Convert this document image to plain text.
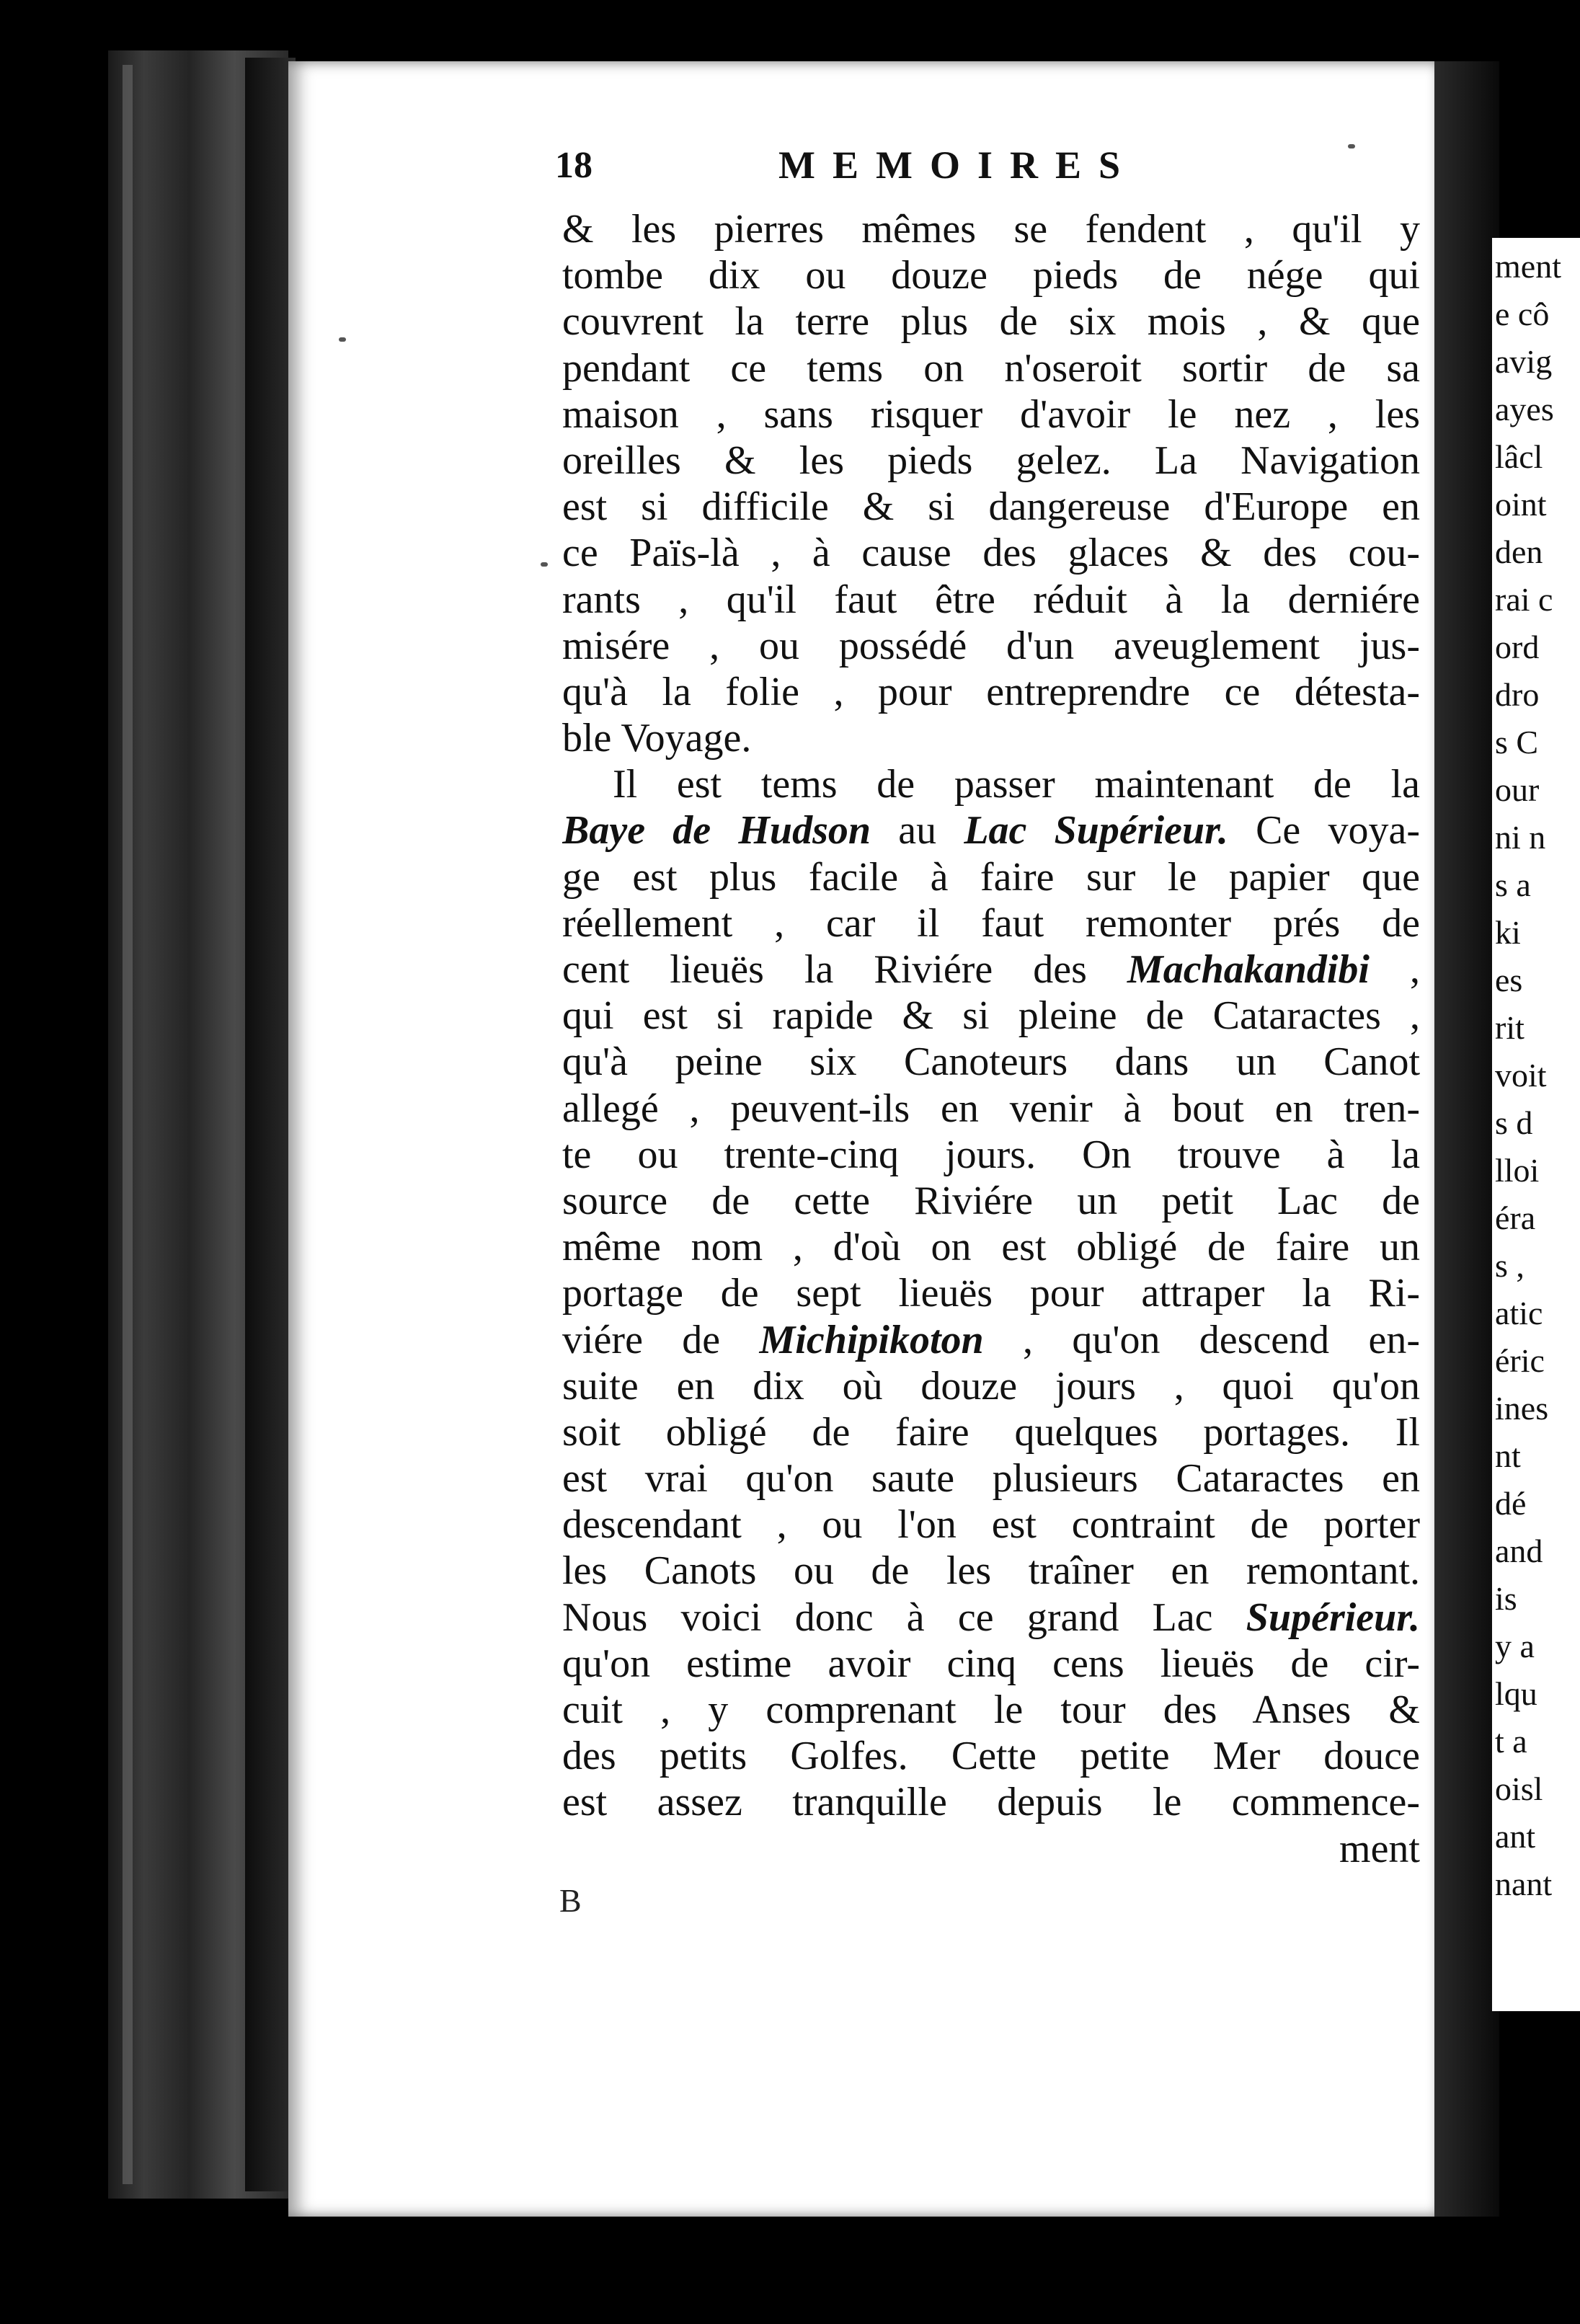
ment
e cô
avig
ayes
lâcl
oint
den
rai c
ord
dro
s C
our
ni n
s a
ki
es
rit
voit
s d
lloi
éra
s ,
atic
éric
ines
nt
dé
and
is
y a
lqu
t a
oisl
ant
nant
18	MEMOIRES
& les pierres mêmes se fendent , qu'il y
tombe dix ou douze pieds de nége qui
couvrent la terre plus de six mois , & que
pendant ce tems on n'oseroit sortir de sa
maison , sans risquer d'avoir le nez , les
oreilles & les pieds gelez. La Navigation
est si difficile & si dangereuse d'Europe en
ce Païs-là , à cause des glaces & des cou-
rants , qu'il faut être réduit à la derniére
misére , ou possédé d'un aveuglement jus-
qu'à la folie , pour entreprendre ce détesta-
ble Voyage.
Il est tems de passer maintenant de la
Baye de Hudson au Lac Supérieur. Ce voya-
ge est plus facile à faire sur le papier que
réellement , car il faut remonter prés de
cent lieuës la Riviére des Machakandibi ,
qui est si rapide & si pleine de Cataractes ,
qu'à peine six Canoteurs dans un Canot
allegé , peuvent-ils en venir à bout en tren-
te ou trente-cinq jours. On trouve à la
source de cette Riviére un petit Lac de
même nom , d'où on est obligé de faire un
portage de sept lieuës pour attraper la Ri-
viére de Michipikoton , qu'on descend en-
suite en dix où douze jours , quoi qu'on
soit obligé de faire quelques portages. Il
est vrai qu'on saute plusieurs Cataractes en
descendant , ou l'on est contraint de porter
les Canots ou de les traîner en remontant.
Nous voici donc à ce grand Lac Supérieur.
qu'on estime avoir cinq cens lieuës de cir-
cuit , y comprenant le tour des Anses &
des petits Golfes. Cette petite Mer douce
est assez tranquille depuis le commence-
ment
B
